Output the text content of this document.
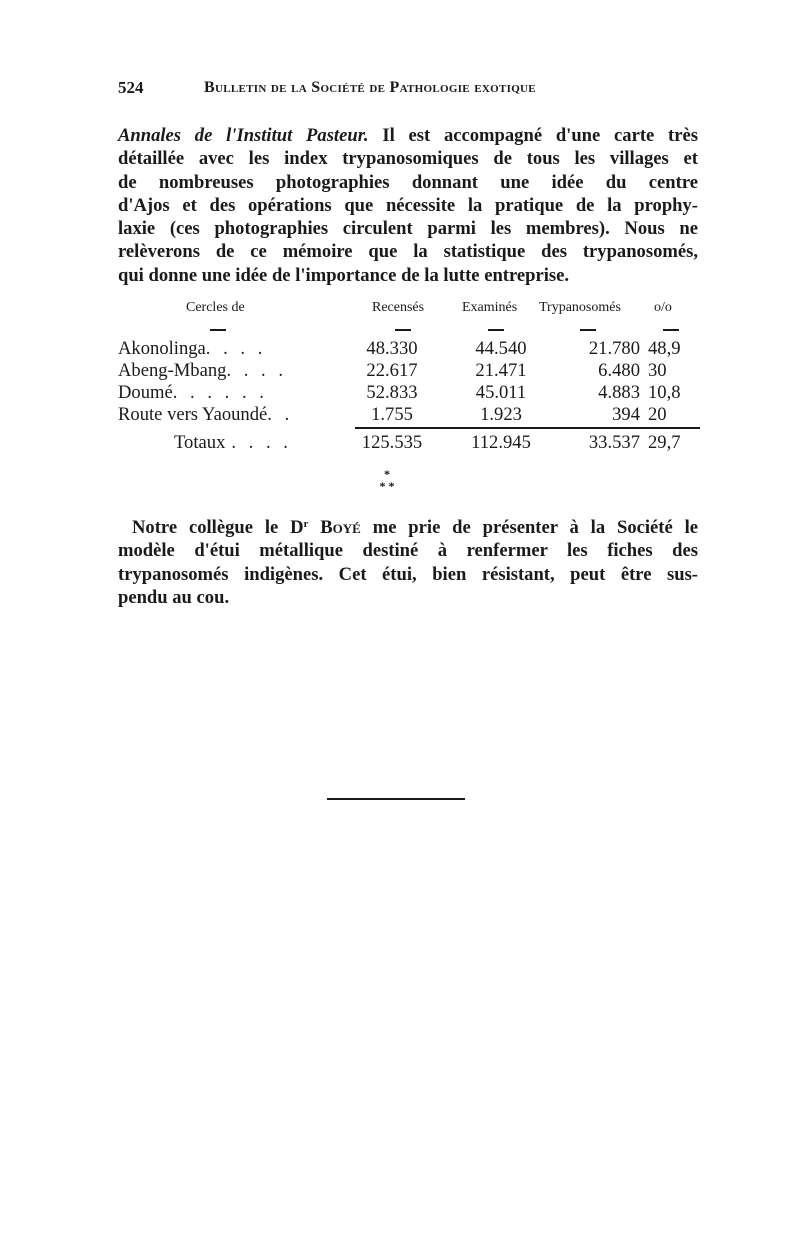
524	Bulletin de la Société de Pathologie exotique
Annales de l'Institut Pasteur. Il est accompagné d'une carte très
détaillée avec les index trypanosomiques de tous les villages et
de nombreuses photographies donnant une idée du centre
d'Ajos et des opérations que nécessite la pratique de la prophy-
laxie (ces photographies circulent parmi les membres). Nous ne
relèverons de ce mémoire que la statistique des trypanosomés,
qui donne une idée de l'importance de la lutte entreprise.
Cercles de	Recensés	Examinés Trypanosomés o/o
Akonolinga. . . .	48.330	44.540	21.780 48,9
Abeng-Mbang. . . .	22.617	21.471	6.480 30
Doumé. . . . . .	52.833	45.011	4.883 10,8
Route vers Yaoundé. .	1.755	1.923	394 20
Totaux . . . .	125.535	112.945	33.537 29,7
*
* *
Notre collègue le $D^r$ Boyé me prie de présenter à la Société le
modèle d'étui métallique destiné à renfermer les fiches des
trypanosomés indigènes. Cet étui, bien résistant, peut être sus-
pendu au cou.
